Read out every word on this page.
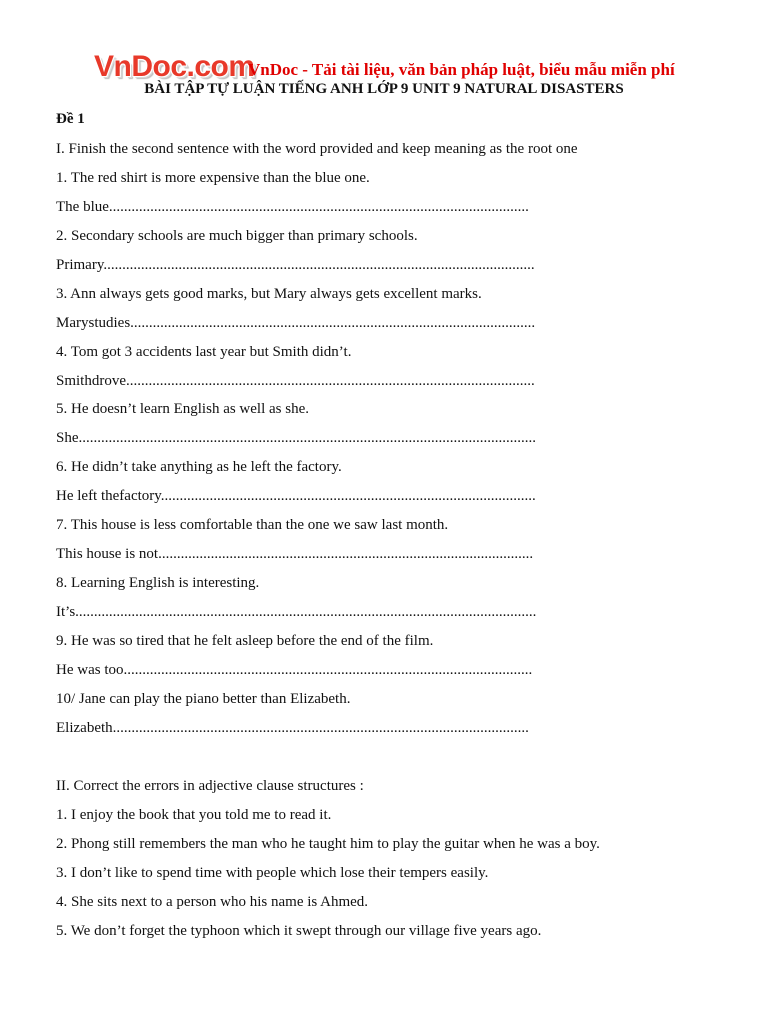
VnDoc.com
VnDoc - Tải tài liệu, văn bản pháp luật, biểu mẫu miễn phí
BÀI TẬP TỰ LUẬN TIẾNG ANH LỚP 9 UNIT 9 NATURAL DISASTERS
Đề 1
I. Finish the second sentence with the word provided and keep meaning as the root one
1. The red shirt is more expensive than the blue one.
The blue................................................................................................................
2. Secondary schools are much bigger than primary schools.
Primary...................................................................................................................
3. Ann always gets good marks, but Mary always gets excellent marks.
Marystudies............................................................................................................
4. Tom got 3 accidents last year but Smith didn’t.
Smithdrove.............................................................................................................
5. He doesn’t learn English as well as she.
She..........................................................................................................................
6. He didn’t take anything as he left the factory.
He left thefactory....................................................................................................
7. This house is less comfortable than the one we saw last month.
This house is not....................................................................................................
8. Learning English is interesting.
It’s...........................................................................................................................
9. He was so tired that he felt asleep before the end of the film.
He was too.............................................................................................................
10/ Jane can play the piano better than Elizabeth.
Elizabeth...............................................................................................................
II. Correct the errors in adjective clause structures :
1. I enjoy the book that you told me to read it.
2. Phong still remembers the man who he taught him to play the guitar when he was a boy.
3. I don’t like to spend time with people which lose their tempers easily.
4. She sits next to a person who his name is Ahmed.
5. We don’t forget the typhoon which it swept through our village five years ago.
